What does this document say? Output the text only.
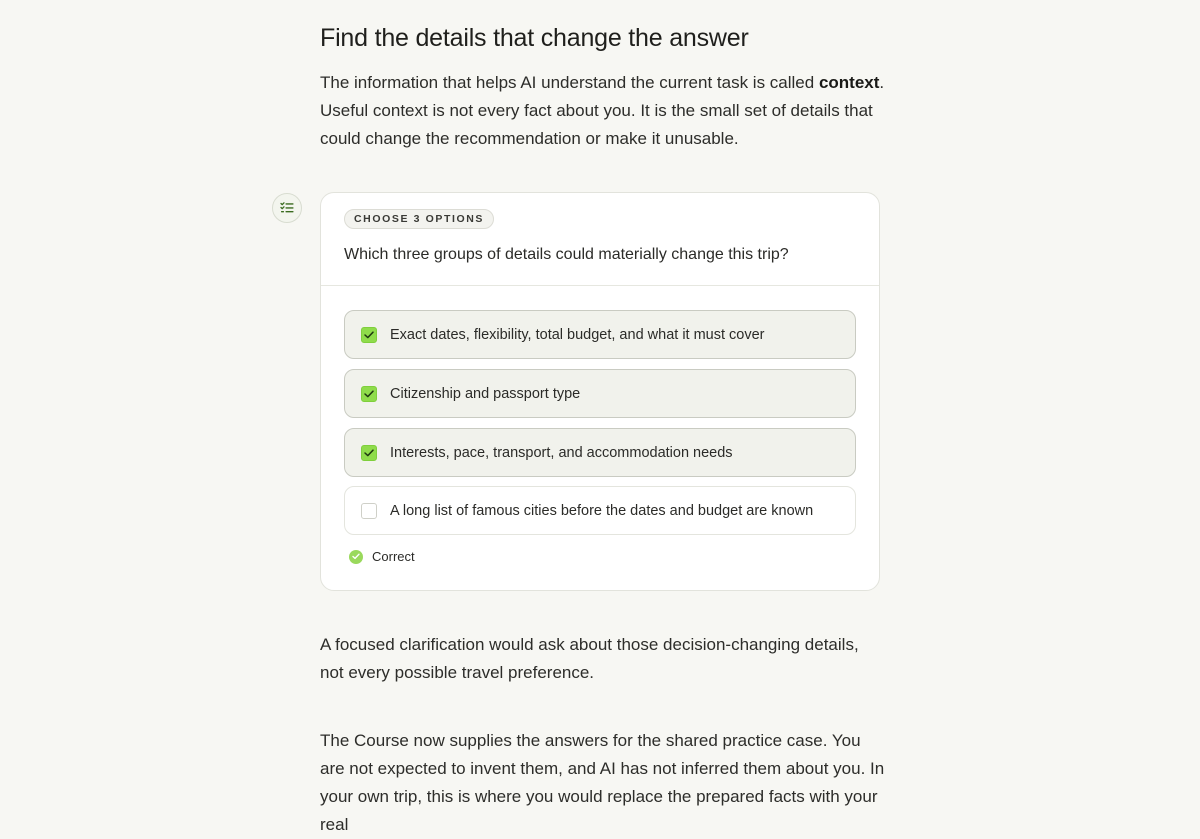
Find the details that change the answer

The information that helps AI understand the current task is called context. Useful context is not every fact about you. It is the small set of details that could change the recommendation or make it unusable.

A focused clarification would ask about those decision-changing details, not every possible travel preference.

The Course now supplies the answers for the shared practice case. You are not expected to invent them, and AI has not inferred them about you. In your own trip, this is where you would replace the prepared facts with your real

CHOOSE 3 OPTIONS
Which three groups of details could materially change this trip?
Exact dates, flexibility, total budget, and what it must cover
Citizenship and passport type
Interests, pace, transport, and accommodation needs
A long list of famous cities before the dates and budget are known
Correct
